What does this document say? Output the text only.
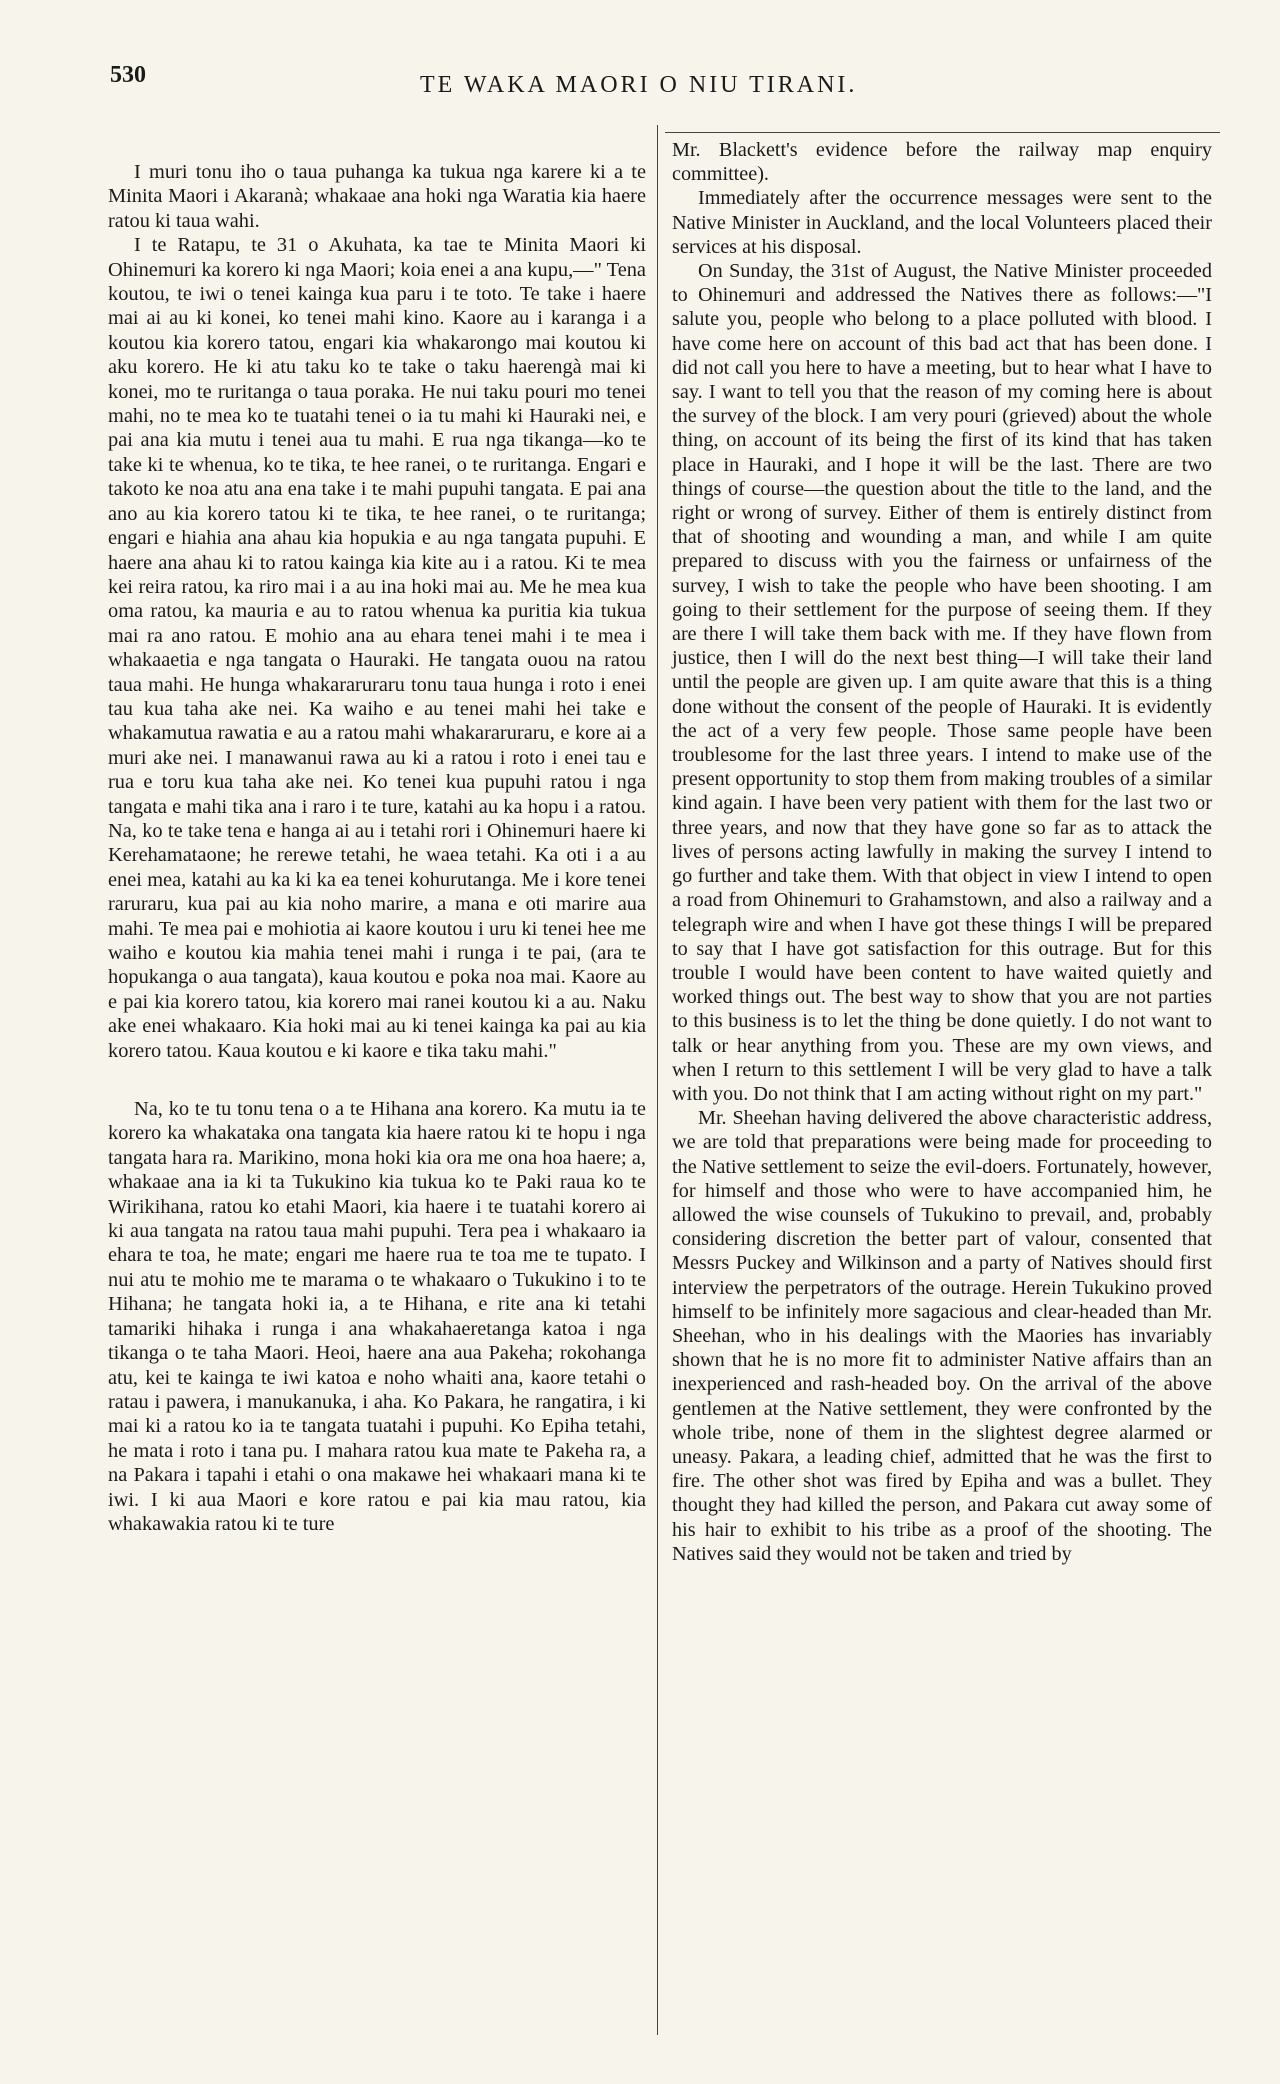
530	TE WAKA MAORI O NIU TIRANI.

I muri tonu iho o taua puhanga ka tukua nga karere ki a te Minita Maori i Akaranà; whakaae ana hoki nga Waratia kia haere ratou ki taua wahi.

I te Ratapu, te 31 o Akuhata, ka tae te Minita Maori ki Ohinemuri ka korero ki nga Maori; koia enei a ana kupu,—" Tena koutou, te iwi o tenei kainga kua paru i te toto. Te take i haere mai ai au ki konei, ko tenei mahi kino. Kaore au i karanga i a koutou kia korero tatou, engari kia whakarongo mai koutou ki aku korero. He ki atu taku ko te take o taku haerengà mai ki konei, mo te ruritanga o taua poraka. He nui taku pouri mo tenei mahi, no te mea ko te tuatahi tenei o ia tu mahi ki Hauraki nei, e pai ana kia mutu i tenei aua tu mahi. E rua nga tikanga—ko te take ki te whenua, ko te tika, te hee ranei, o te ruritanga. Engari e takoto ke noa atu ana ena take i te mahi pupuhi tangata. E pai ana ano au kia korero tatou ki te tika, te hee ranei, o te ruritanga; engari e hiahia ana ahau kia hopukia e au nga tangata pupuhi. E haere ana ahau ki to ratou kainga kia kite au i a ratou. Ki te mea kei reira ratou, ka riro mai i a au ina hoki mai au. Me he mea kua oma ratou, ka mauria e au to ratou whenua ka puritia kia tukua mai ra ano ratou. E mohio ana au ehara tenei mahi i te mea i whakaaetia e nga tangata o Hauraki. He tangata ouou na ratou taua mahi. He hunga whakararuraru tonu taua hunga i roto i enei tau kua taha ake nei. Ka waiho e au tenei mahi hei take e whakamutua rawatia e au a ratou mahi whakararuraru, e kore ai a muri ake nei. I manawanui rawa au ki a ratou i roto i enei tau e rua e toru kua taha ake nei. Ko tenei kua pupuhi ratou i nga tangata e mahi tika ana i raro i te ture, katahi au ka hopu i a ratou. Na, ko te take tena e hanga ai au i tetahi rori i Ohinemuri haere ki Kerehamataone; he rerewe tetahi, he waea tetahi. Ka oti i a au enei mea, katahi au ka ki ka ea tenei kohurutanga. Me i kore tenei raruraru, kua pai au kia noho marire, a mana e oti marire aua mahi. Te mea pai e mohiotia ai kaore koutou i uru ki tenei hee me waiho e koutou kia mahia tenei mahi i runga i te pai, (ara te hopukanga o aua tangata), kaua koutou e poka noa mai. Kaore au e pai kia korero tatou, kia korero mai ranei koutou ki a au. Naku ake enei whakaaro. Kia hoki mai au ki tenei kainga ka pai au kia korero tatou. Kaua koutou e ki kaore e tika taku mahi."

Na, ko te tu tonu tena o a te Hihana ana korero. Ka mutu ia te korero ka whakataka ona tangata kia haere ratou ki te hopu i nga tangata hara ra. Marikino, mona hoki kia ora me ona hoa haere; a, whakaae ana ia ki ta Tukukino kia tukua ko te Paki raua ko te Wirikihana, ratou ko etahi Maori, kia haere i te tuatahi korero ai ki aua tangata na ratou taua mahi pupuhi. Tera pea i whakaaro ia ehara te toa, he mate; engari me haere rua te toa me te tupato. I nui atu te mohio me te marama o te whakaaro o Tukukino i to te Hihana; he tangata hoki ia, a te Hihana, e rite ana ki tetahi tamariki hihaka i runga i ana whakahaeretanga katoa i nga tikanga o te taha Maori. Heoi, haere ana aua Pakeha; rokohanga atu, kei te kainga te iwi katoa e noho whaiti ana, kaore tetahi o ratau i pawera, i manukanuka, i aha. Ko Pakara, he rangatira, i ki mai ki a ratou ko ia te tangata tuatahi i pupuhi. Ko Epiha tetahi, he mata i roto i tana pu. I mahara ratou kua mate te Pakeha ra, a na Pakara i tapahi i etahi o ona makawe hei whakaari mana ki te iwi. I ki aua Maori e kore ratou e pai kia mau ratou, kia whakawakia ratou ki te ture

Mr. Blackett's evidence before the railway map enquiry committee).

Immediately after the occurrence messages were sent to the Native Minister in Auckland, and the local Volunteers placed their services at his disposal.

On Sunday, the 31st of August, the Native Minister proceeded to Ohinemuri and addressed the Natives there as follows:—"I salute you, people who belong to a place polluted with blood. I have come here on account of this bad act that has been done. I did not call you here to have a meeting, but to hear what I have to say. I want to tell you that the reason of my coming here is about the survey of the block. I am very pouri (grieved) about the whole thing, on account of its being the first of its kind that has taken place in Hauraki, and I hope it will be the last. There are two things of course—the question about the title to the land, and the right or wrong of survey. Either of them is entirely distinct from that of shooting and wounding a man, and while I am quite prepared to discuss with you the fairness or unfairness of the survey, I wish to take the people who have been shooting. I am going to their settlement for the purpose of seeing them. If they are there I will take them back with me. If they have flown from justice, then I will do the next best thing—I will take their land until the people are given up. I am quite aware that this is a thing done without the consent of the people of Hauraki. It is evidently the act of a very few people. Those same people have been troublesome for the last three years. I intend to make use of the present opportunity to stop them from making troubles of a similar kind again. I have been very patient with them for the last two or three years, and now that they have gone so far as to attack the lives of persons acting lawfully in making the survey I intend to go further and take them. With that object in view I intend to open a road from Ohinemuri to Grahamstown, and also a railway and a telegraph wire and when I have got these things I will be prepared to say that I have got satisfaction for this outrage. But for this trouble I would have been content to have waited quietly and worked things out. The best way to show that you are not parties to this business is to let the thing be done quietly. I do not want to talk or hear anything from you. These are my own views, and when I return to this settlement I will be very glad to have a talk with you. Do not think that I am acting without right on my part."

Mr. Sheehan having delivered the above characteristic address, we are told that preparations were being made for proceeding to the Native settlement to seize the evil-doers. Fortunately, however, for himself and those who were to have accompanied him, he allowed the wise counsels of Tukukino to prevail, and, probably considering discretion the better part of valour, consented that Messrs Puckey and Wilkinson and a party of Natives should first interview the perpetrators of the outrage. Herein Tukukino proved himself to be infinitely more sagacious and clear-headed than Mr. Sheehan, who in his dealings with the Maories has invariably shown that he is no more fit to administer Native affairs than an inexperienced and rash-headed boy. On the arrival of the above gentlemen at the Native settlement, they were confronted by the whole tribe, none of them in the slightest degree alarmed or uneasy. Pakara, a leading chief, admitted that he was the first to fire. The other shot was fired by Epiha and was a bullet. They thought they had killed the person, and Pakara cut away some of his hair to exhibit to his tribe as a proof of the shooting. The Natives said they would not be taken and tried by
